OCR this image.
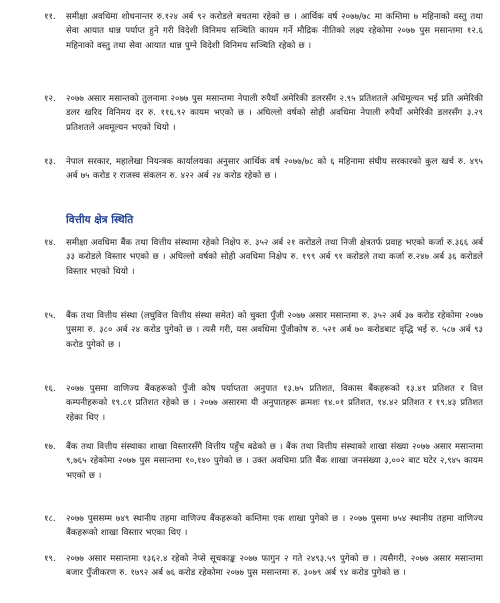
११. समीक्षा अवधिमा शोधनान्तर रु.१२४ अर्ब ९२ करोडले बचतमा रहेको छ । आर्थिक वर्ष २०७७/७८ मा कम्तिमा ७ महिनाको वस्तु तथा सेवा आयात धान्न पर्याप्त हुने गरी विदेशी विनिमय सञ्चिति कायम गर्ने मौद्रिक नीतिको लक्ष्य रहेकोमा २०७७ पुस मसान्तमा १२.६ महिनाको वस्तु तथा सेवा आयात धान्न पुग्ने विदेशी विनिमय सञ्चिति रहेको छ ।
१२. २०७७ असार मसान्तको तुलनामा २०७७ पुस मसान्तमा नेपाली रुपैयाँ अमेरिकी डलरसँग २.९५ प्रतिशतले अधिमूल्यन भई प्रति अमेरिकी डलर खरिद विनिमय दर रु. ११६.९२ कायम भएको छ । अघिल्लो वर्षको सोही अवधिमा नेपाली रुपैयाँ अमेरिकी डलरसँग ३.२९ प्रतिशतले अवमूल्यन भएको थियो ।
१३. नेपाल सरकार, महालेखा नियन्त्रक कार्यालयका अनुसार आर्थिक वर्ष २०७७/७८ को ६ महिनामा संघीय सरकारको कुल खर्च रु. ४९५ अर्ब ७५ करोड र राजस्व संकलन रु. ४२२ अर्ब २४ करोड रहेको छ ।
वित्तीय क्षेत्र स्थिति
१४. समीक्षा अवधिमा बैंक तथा वित्तीय संस्थामा रहेको निक्षेप रु. ३५२ अर्ब २१ करोडले तथा निजी क्षेत्रतर्फ प्रवाह भएको कर्जा रु.३६६ अर्ब ३३ करोडले विस्तार भएको छ । अघिल्लो वर्षको सोही अवधिमा निक्षेप रु. १९९ अर्ब ९१ करोडले तथा कर्जा रु.२४७ अर्ब ३६ करोडले विस्तार भएको थियो ।
१५. बैंक तथा वित्तीय संस्था (लघुवित्त वित्तीय संस्था समेत) को चुक्ता पुँजी २०७७ असार मसान्तमा रु. ३५२ अर्ब ३७ करोड रहेकोमा २०७७ पुसमा रु. ३८० अर्ब २४ करोड पुगेको छ । त्यसै गरी, यस अवधिमा पुँजीकोष रु. ५२१ अर्ब ७० करोडबाट वृद्धि भई रु. ५८७ अर्ब ९३ करोड पुगेको छ ।
१६. २०७७ पुसमा वाणिज्य बैंकहरूको पुँजी कोष पर्याप्तता अनुपात १३.७५ प्रतिशत, विकास बैंकहरूको १३.४१ प्रतिशत र वित्त कम्पनीहरूको १९.८१ प्रतिशत रहेको छ । २०७७ असारमा यी अनुपातहरू क्रमशः १४.०१ प्रतिशत, १४.४२ प्रतिशत र १९.४३ प्रतिशत रहेका थिए ।
१७. बैंक तथा वित्तीय संस्थाका शाखा विस्तारसँगै वित्तीय पहुँच बढेको छ । बैंक तथा वित्तीय संस्थाको शाखा संख्या २०७७ असार मसान्तमा ९,७६५ रहेकोमा २०७७ पुस मसान्तमा १०,१४० पुगेको छ । उक्त अवधिमा प्रति बैंक शाखा जनसंख्या ३,००२ बाट घटेर २,९४५ कायम भएको छ ।
१८. २०७७ पुससम्म ७४९ स्थानीय तहमा वाणिज्य बैंकहरूको कम्तिमा एक शाखा पुगेको छ । २०७७ पुसमा ७५४ स्थानीय तहमा वाणिज्य बैंकहरूको शाखा विस्तार भएका थिए ।
१९. २०७७ असार मसान्तमा १३६२.४ रहेको नेप्से सूचकाङ्क २०७७ फागुन २ गते २४९३.५९ पुगेको छ । त्यसैगरी, २०७७ असार मसान्तमा बजार पुँजीकरण रु. १७९२ अर्ब ७६ करोड रहेकोमा २०७७ पुस मसान्तमा रु. ३०७९ अर्ब ९४ करोड पुगेको छ ।
